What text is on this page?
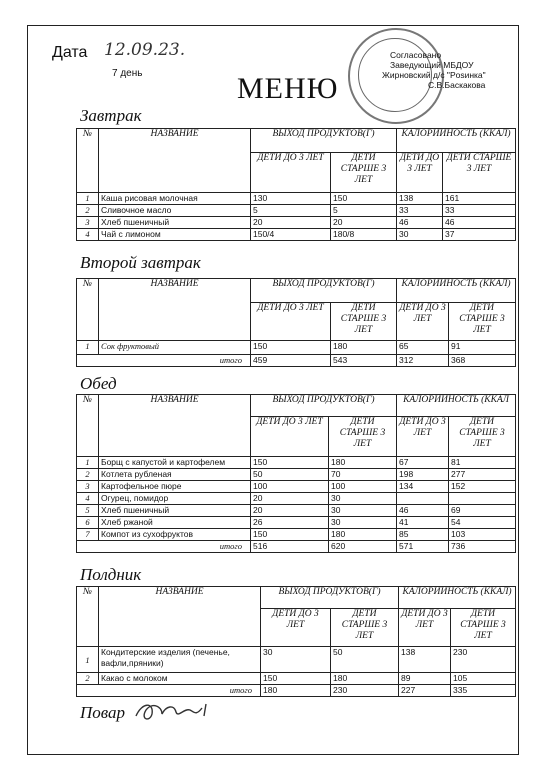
Дата 12.09.23.
7 день	МЕНЮ
Согласовано
Заведующий МБДОУ
Жирновский д/с "Рosинка"
С.В.Баскакова
Завтрак
№	НАЗВАНИЕ	ВЫХОД ПРОДУКТОВ(Г)		КАЛОРИЙНОСТЬ (ККАЛ)	
		ДЕТИ ДО 3 ЛЕТ	ДЕТИ СТАРШЕ 3 ЛЕТ	ДЕТИ ДО 3 ЛЕТ	ДЕТИ СТАРШЕ 3 ЛЕТ
1	Каша рисовая молочная	130	150	138	161
2	Сливочное масло	5	5	33	33
3	Хлеб пшеничный	20	20	46	46
4	Чай с лимоном	150/4	180/8	30	37
Второй завтрак
№	НАЗВАНИЕ	ВЫХОД ПРОДУКТОВ(Г)		КАЛОРИЙНОСТЬ (ККАЛ)	
		ДЕТИ ДО 3 ЛЕТ	ДЕТИ СТАРШЕ 3 ЛЕТ	ДЕТИ ДО 3 ЛЕТ	ДЕТИ СТАРШЕ 3 ЛЕТ
1	Сок фруктовый	150	180	65	91
итого		459	543	312	368
Обед
№	НАЗВАНИЕ	ВЫХОД ПРОДУКТОВ(Г)		КАЛОРИЙНОСТЬ (ККАЛ	
		ДЕТИ ДО 3 ЛЕТ	ДЕТИ СТАРШЕ 3 ЛЕТ	ДЕТИ ДО 3 ЛЕТ	ДЕТИ СТАРШЕ 3 ЛЕТ
1	Борщ с капустой и картофелем	150	180	67	81
2	Котлета рубленая	50	70	198	277
3	Картофельное пюре	100	100	134	152
4	Огурец, помидор	20	30		
5	Хлеб пшеничный	20	30	46	69
6	Хлеб ржаной	26	30	41	54
7	Компот из сухофруктов	150	180	85	103
итого		516	620	571	736
Полдник
№	НАЗВАНИЕ	ВЫХОД ПРОДУКТОВ(Г)		КАЛОРИЙНОСТЬ (ККАЛ)	
		ДЕТИ ДО 3 ЛЕТ	ДЕТИ СТАРШЕ 3 ЛЕТ	ДЕТИ ДО 3 ЛЕТ	ДЕТИ СТАРШЕ 3 ЛЕТ
1	Кондитерские изделия (печенье, вафли,пряники)	30	50	138	230
2	Какао с молоком	150	180	89	105
итого		180	230	227	335
Повар
